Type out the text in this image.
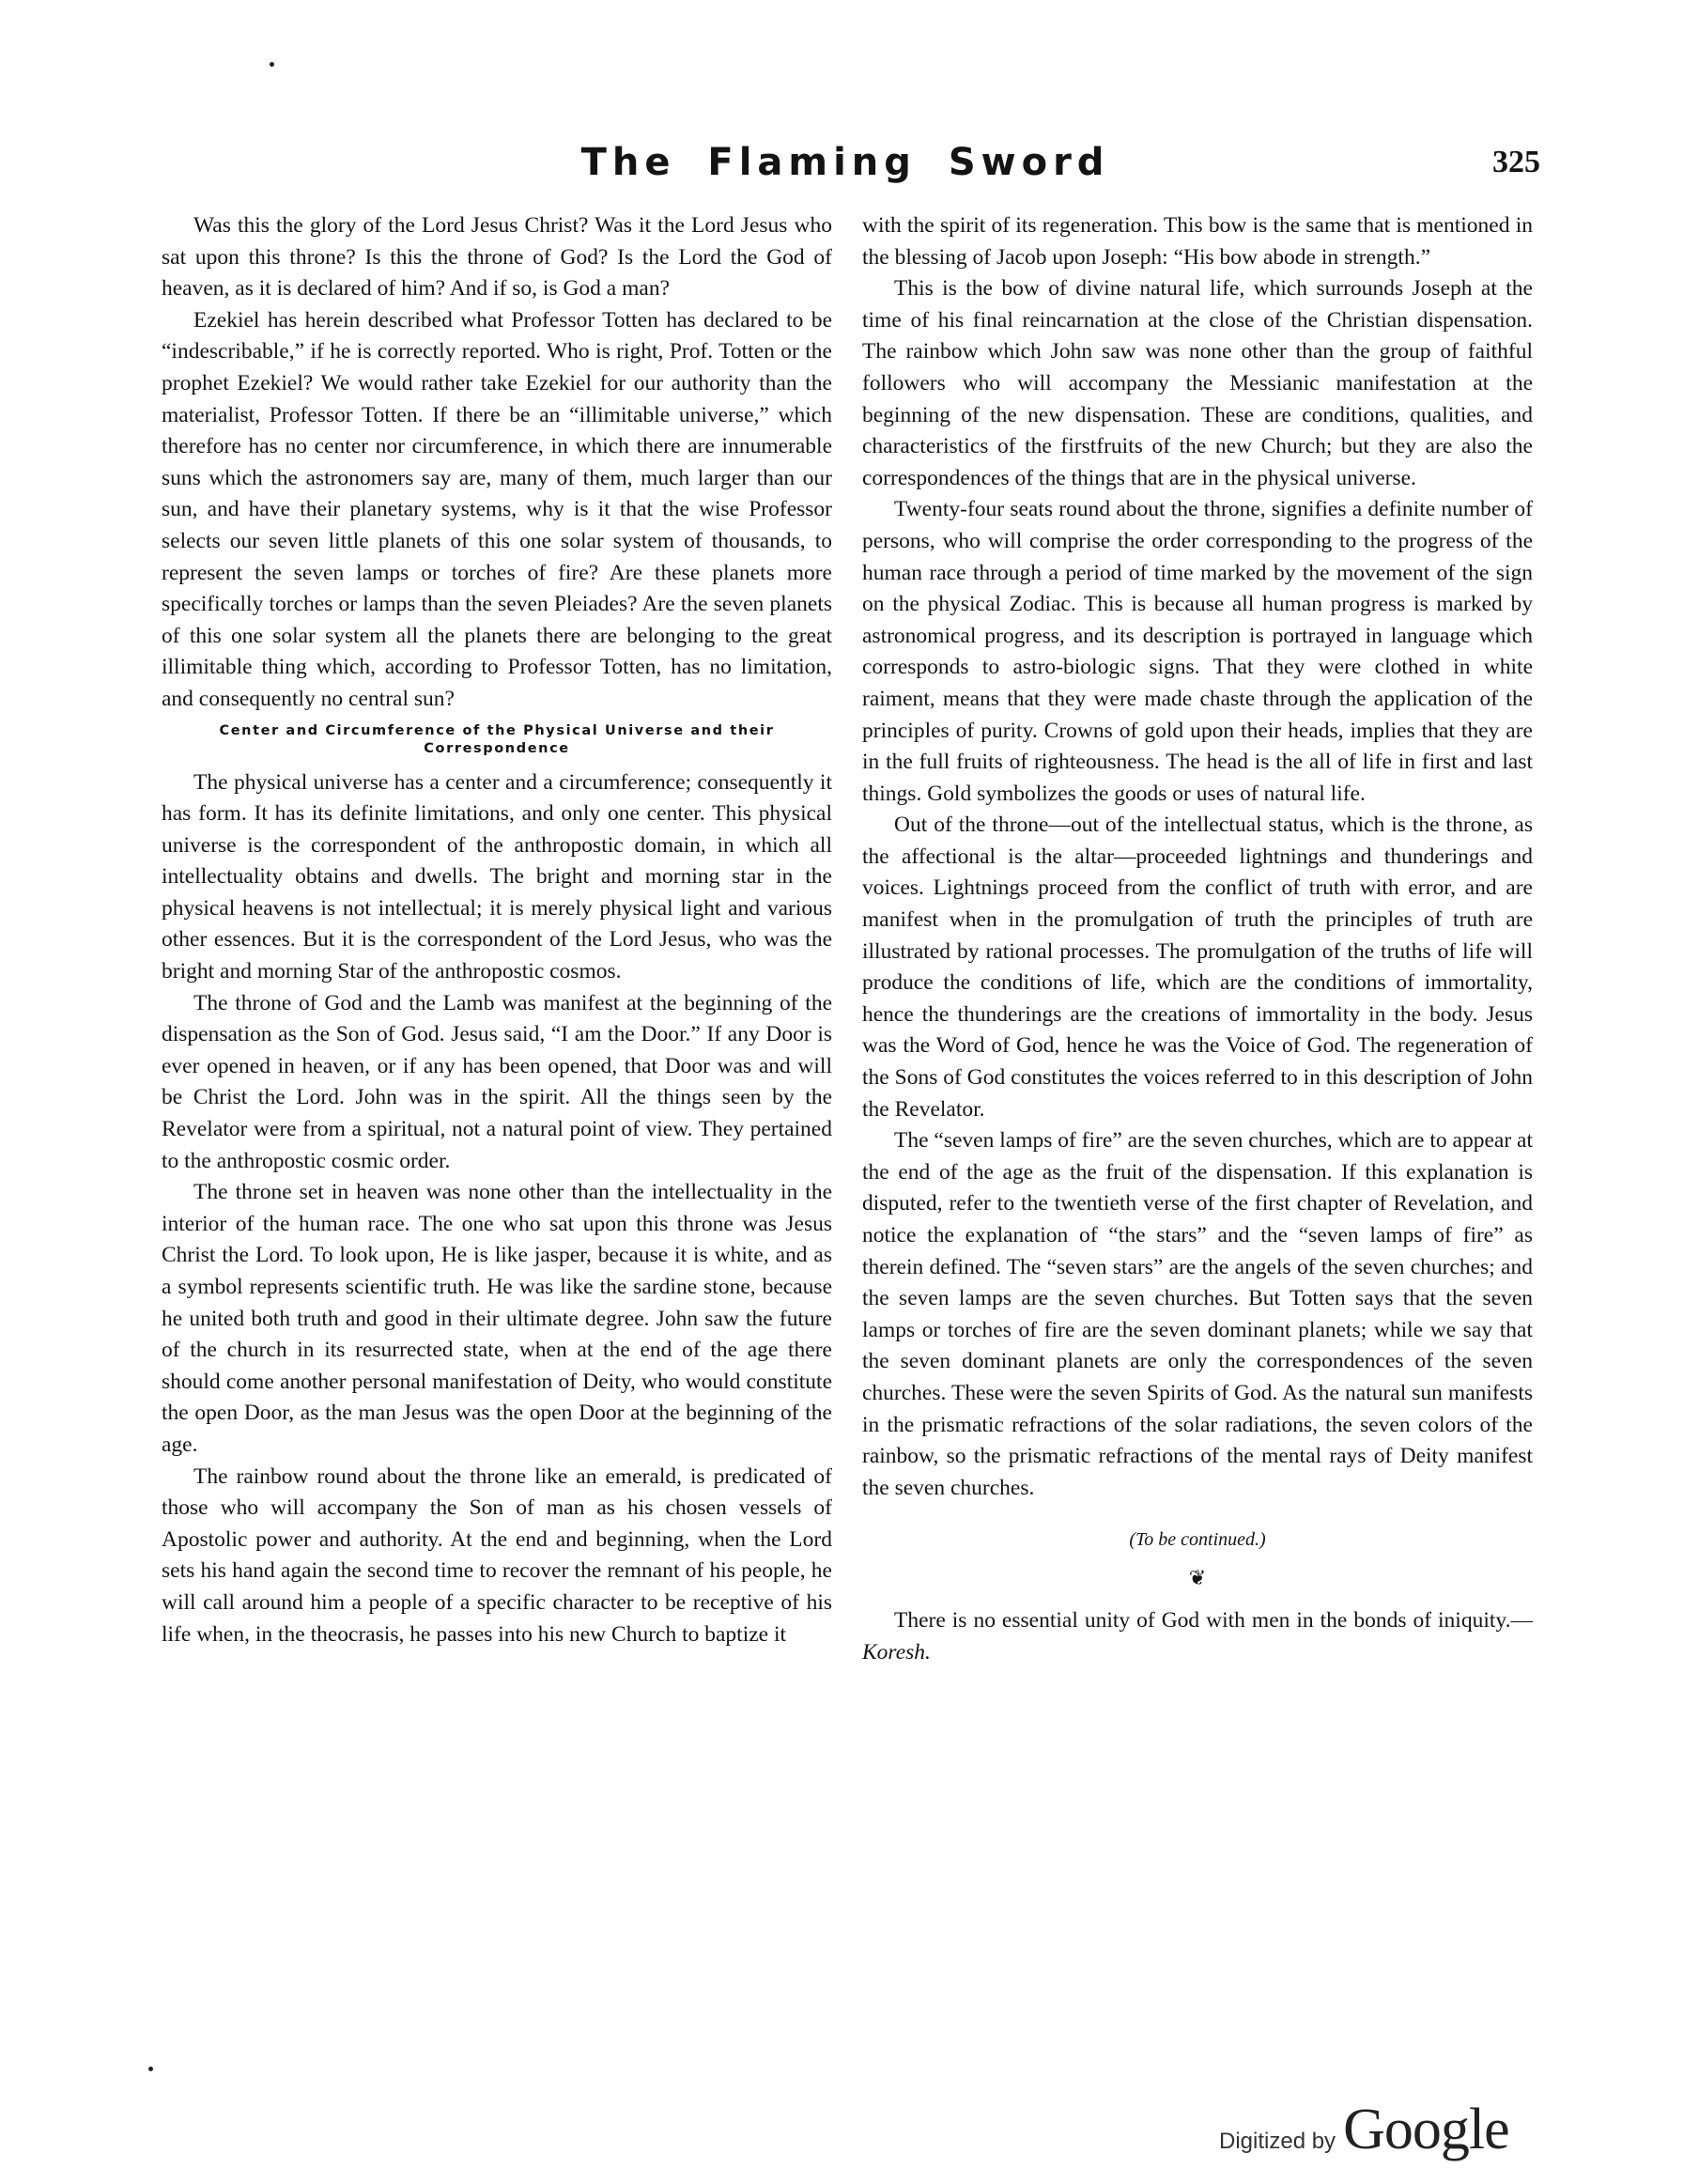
The Flaming Sword	325

Was this the glory of the Lord Jesus Christ? Was it the Lord Jesus who sat upon this throne? Is this the throne of God? Is the Lord the God of heaven, as it is declared of him? And if so, is God a man?

Ezekiel has herein described what Professor Totten has declared to be “indescribable,” if he is correctly reported. Who is right, Prof. Totten or the prophet Ezekiel? We would rather take Ezekiel for our authority than the materialist, Professor Totten. If there be an “illimitable universe,” which therefore has no center nor circumference, in which there are innumerable suns which the astronomers say are, many of them, much larger than our sun, and have their planetary systems, why is it that the wise Professor selects our seven little planets of this one solar system of thousands, to represent the seven lamps or torches of fire? Are these planets more specifically torches or lamps than the seven Pleiades? Are the seven planets of this one solar system all the planets there are belonging to the great illimitable thing which, according to Professor Totten, has no limitation, and consequently no central sun?

Center and Circumference of the Physical Universe and their Correspondence

The physical universe has a center and a circumference; consequently it has form. It has its definite limitations, and only one center. This physical universe is the correspondent of the anthropostic domain, in which all intellectuality obtains and dwells. The bright and morning star in the physical heavens is not intellectual; it is merely physical light and various other essences. But it is the correspondent of the Lord Jesus, who was the bright and morning Star of the anthropostic cosmos.

The throne of God and the Lamb was manifest at the beginning of the dispensation as the Son of God. Jesus said, “I am the Door.” If any Door is ever opened in heaven, or if any has been opened, that Door was and will be Christ the Lord. John was in the spirit. All the things seen by the Revelator were from a spiritual, not a natural point of view. They pertained to the anthropostic cosmic order.

The throne set in heaven was none other than the intellectuality in the interior of the human race. The one who sat upon this throne was Jesus Christ the Lord. To look upon, He is like jasper, because it is white, and as a symbol represents scientific truth. He was like the sardine stone, because he united both truth and good in their ultimate degree. John saw the future of the church in its resurrected state, when at the end of the age there should come another personal manifestation of Deity, who would constitute the open Door, as the man Jesus was the open Door at the beginning of the age.

The rainbow round about the throne like an emerald, is predicated of those who will accompany the Son of man as his chosen vessels of Apostolic power and authority. At the end and beginning, when the Lord sets his hand again the second time to recover the remnant of his people, he will call around him a people of a specific character to be receptive of his life when, in the theocrasis, he passes into his new Church to baptize it

with the spirit of its regeneration. This bow is the same that is mentioned in the blessing of Jacob upon Joseph: “His bow abode in strength.”

This is the bow of divine natural life, which surrounds Joseph at the time of his final reincarnation at the close of the Christian dispensation. The rainbow which John saw was none other than the group of faithful followers who will accompany the Messianic manifestation at the beginning of the new dispensation. These are conditions, qualities, and characteristics of the firstfruits of the new Church; but they are also the correspondences of the things that are in the physical universe.

Twenty-four seats round about the throne, signifies a definite number of persons, who will comprise the order corresponding to the progress of the human race through a period of time marked by the movement of the sign on the physical Zodiac. This is because all human progress is marked by astronomical progress, and its description is portrayed in language which corresponds to astro-biologic signs. That they were clothed in white raiment, means that they were made chaste through the application of the principles of purity. Crowns of gold upon their heads, implies that they are in the full fruits of righteousness. The head is the all of life in first and last things. Gold symbolizes the goods or uses of natural life.

Out of the throne—out of the intellectual status, which is the throne, as the affectional is the altar—proceeded lightnings and thunderings and voices. Lightnings proceed from the conflict of truth with error, and are manifest when in the promulgation of truth the principles of truth are illustrated by rational processes. The promulgation of the truths of life will produce the conditions of life, which are the conditions of immortality, hence the thunderings are the creations of immortality in the body. Jesus was the Word of God, hence he was the Voice of God. The regeneration of the Sons of God constitutes the voices referred to in this description of John the Revelator.

The “seven lamps of fire” are the seven churches, which are to appear at the end of the age as the fruit of the dispensation. If this explanation is disputed, refer to the twentieth verse of the first chapter of Revelation, and notice the explanation of “the stars” and the “seven lamps of fire” as therein defined. The “seven stars” are the angels of the seven churches; and the seven lamps are the seven churches. But Totten says that the seven lamps or torches of fire are the seven dominant planets; while we say that the seven dominant planets are only the correspondences of the seven churches. These were the seven Spirits of God. As the natural sun manifests in the prismatic refractions of the solar radiations, the seven colors of the rainbow, so the prismatic refractions of the mental rays of Deity manifest the seven churches.

(To be continued.)
❦

There is no essential unity of God with men in the bonds of iniquity.—Koresh.

Digitized by Google
